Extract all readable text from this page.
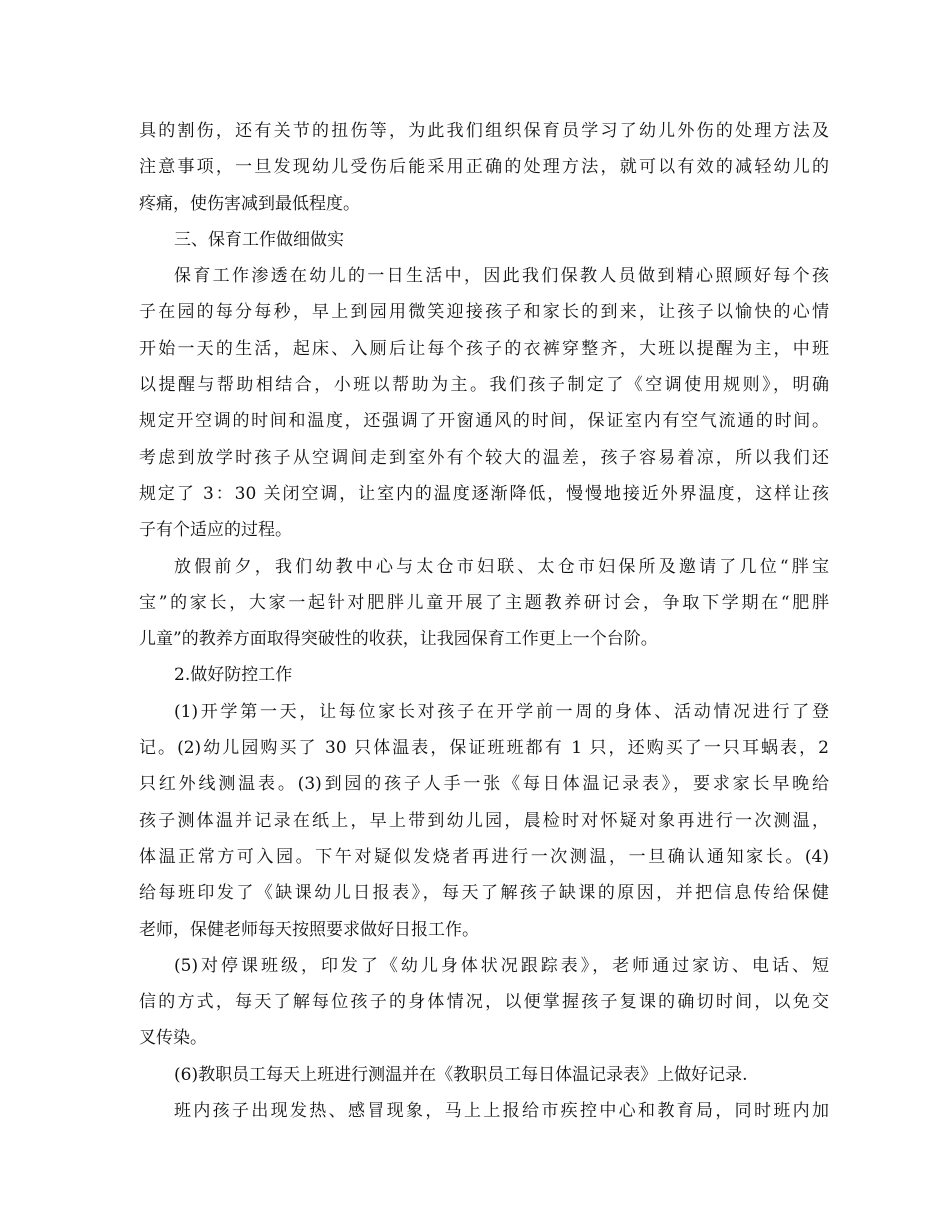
具的割伤，还有关节的扭伤等，为此我们组织保育员学习了幼儿外伤的处理方法及
注意事项，一旦发现幼儿受伤后能采用正确的处理方法，就可以有效的减轻幼儿的
疼痛，使伤害减到最低程度。
三、保育工作做细做实
保育工作渗透在幼儿的一日生活中，因此我们保教人员做到精心照顾好每个孩
子在园的每分每秒，早上到园用微笑迎接孩子和家长的到来，让孩子以愉快的心情
开始一天的生活，起床、入厕后让每个孩子的衣裤穿整齐，大班以提醒为主，中班
以提醒与帮助相结合，小班以帮助为主。我们孩子制定了《空调使用规则》，明确
规定开空调的时间和温度，还强调了开窗通风的时间，保证室内有空气流通的时间。
考虑到放学时孩子从空调间走到室外有个较大的温差，孩子容易着凉，所以我们还
规定了 3：30 关闭空调，让室内的温度逐渐降低，慢慢地接近外界温度，这样让孩
子有个适应的过程。
放假前夕，我们幼教中心与太仓市妇联、太仓市妇保所及邀请了几位“胖宝
宝”的家长，大家一起针对肥胖儿童开展了主题教养研讨会，争取下学期在“肥胖
儿童”的教养方面取得突破性的收获，让我园保育工作更上一个台阶。
2.做好防控工作
(1)开学第一天，让每位家长对孩子在开学前一周的身体、活动情况进行了登
记。(2)幼儿园购买了 30 只体温表，保证班班都有 1 只，还购买了一只耳蜗表，2
只红外线测温表。(3)到园的孩子人手一张《每日体温记录表》，要求家长早晚给
孩子测体温并记录在纸上，早上带到幼儿园，晨检时对怀疑对象再进行一次测温，
体温正常方可入园。下午对疑似发烧者再进行一次测温，一旦确认通知家长。(4)
给每班印发了《缺课幼儿日报表》，每天了解孩子缺课的原因，并把信息传给保健
老师，保健老师每天按照要求做好日报工作。
(5)对停课班级，印发了《幼儿身体状况跟踪表》，老师通过家访、电话、短
信的方式，每天了解每位孩子的身体情况，以便掌握孩子复课的确切时间，以免交
叉传染。
(6)教职员工每天上班进行测温并在《教职员工每日体温记录表》上做好记录.
班内孩子出现发热、感冒现象，马上上报给市疾控中心和教育局，同时班内加
